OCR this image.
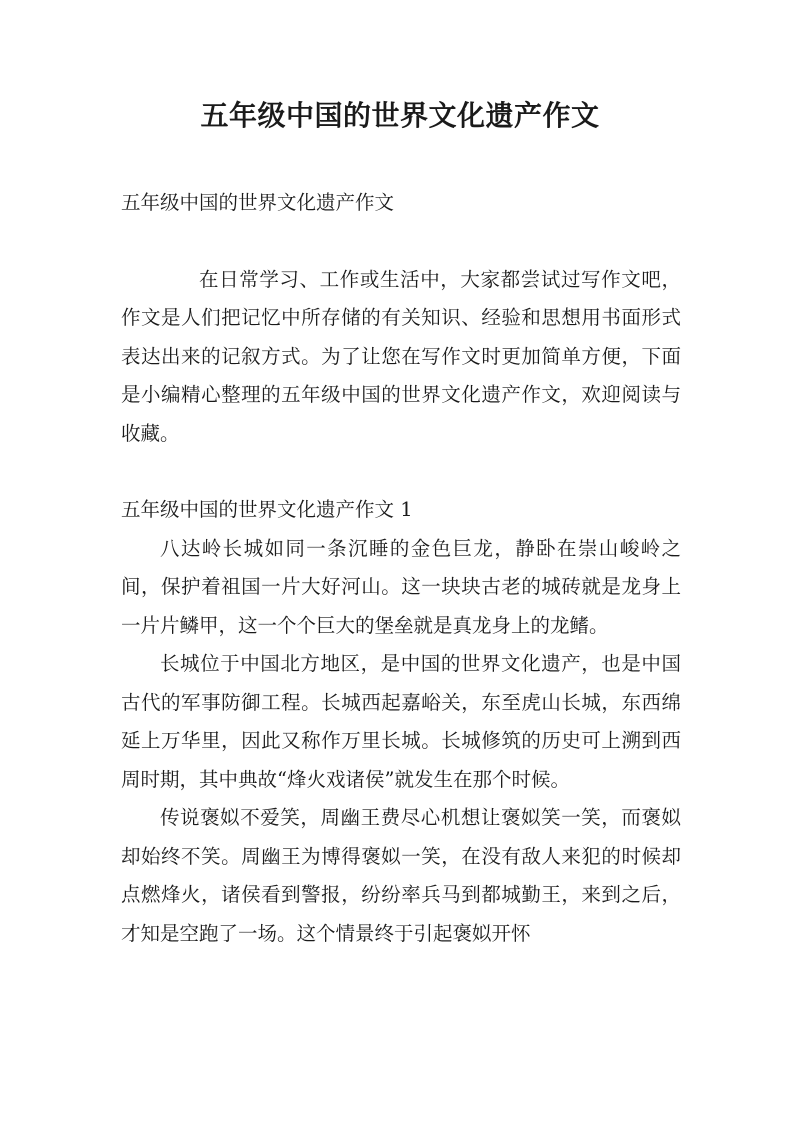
五年级中国的世界文化遗产作文

五年级中国的世界文化遗产作文

在日常学习、工作或生活中，大家都尝试过写作文吧，作文是人们把记忆中所存储的有关知识、经验和思想用书面形式表达出来的记叙方式。为了让您在写作文时更加简单方便，下面是小编精心整理的五年级中国的世界文化遗产作文，欢迎阅读与收藏。

五年级中国的世界文化遗产作文 1

八达岭长城如同一条沉睡的金色巨龙，静卧在崇山峻岭之间，保护着祖国一片大好河山。这一块块古老的城砖就是龙身上一片片鳞甲，这一个个巨大的堡垒就是真龙身上的龙鳍。

长城位于中国北方地区，是中国的世界文化遗产，也是中国古代的军事防御工程。长城西起嘉峪关，东至虎山长城，东西绵延上万华里，因此又称作万里长城。长城修筑的历史可上溯到西周时期，其中典故“烽火戏诸侯”就发生在那个时候。

传说褒姒不爱笑，周幽王费尽心机想让褒姒笑一笑，而褒姒却始终不笑。周幽王为博得褒姒一笑，在没有敌人来犯的时候却点燃烽火，诸侯看到警报，纷纷率兵马到都城勤王，来到之后，才知是空跑了一场。这个情景终于引起褒姒开怀
